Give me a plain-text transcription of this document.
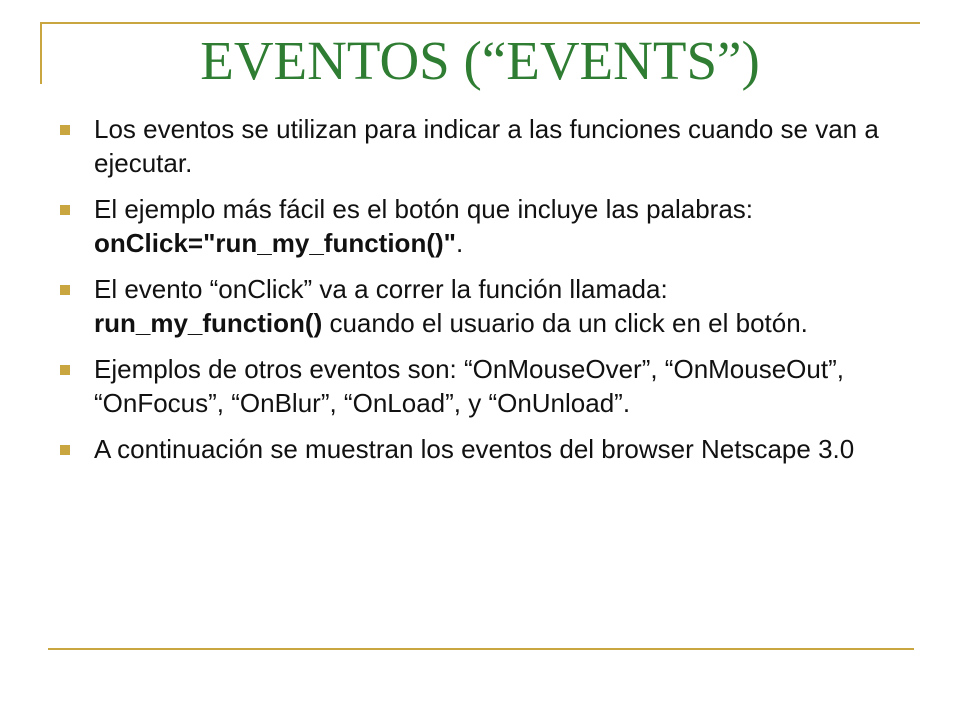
EVENTOS (“EVENTS”)
Los eventos se utilizan para indicar a las funciones cuando se van a ejecutar.
El ejemplo más fácil es el botón que incluye las palabras: onClick="run_my_function()".
El evento “onClick” va a correr la función llamada: run_my_function() cuando el usuario da un click en el botón.
Ejemplos de otros eventos son: “OnMouseOver”, “OnMouseOut”, “OnFocus”, “OnBlur”, “OnLoad”, y “OnUnload”.
A continuación se muestran los eventos del browser Netscape 3.0
